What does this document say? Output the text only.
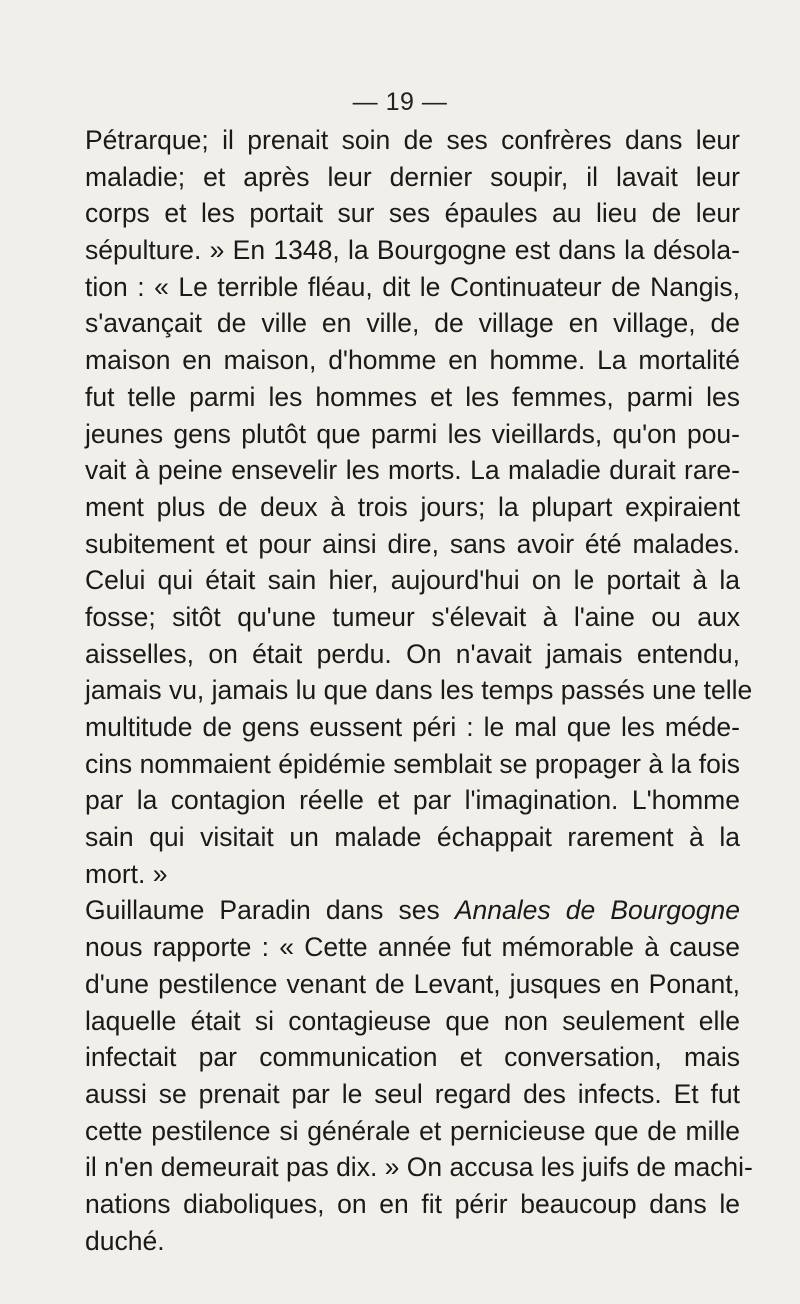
— 19 —
Pétrarque; il prenait soin de ses confrères dans leur
maladie; et après leur dernier soupir, il lavait leur
corps et les portait sur ses épaules au lieu de leur
sépulture. » En 1348, la Bourgogne est dans la désola-
tion : « Le terrible fléau, dit le Continuateur de Nangis,
s'avançait de ville en ville, de village en village, de
maison en maison, d'homme en homme. La mortalité
fut telle parmi les hommes et les femmes, parmi les
jeunes gens plutôt que parmi les vieillards, qu'on pou-
vait à peine ensevelir les morts. La maladie durait rare-
ment plus de deux à trois jours; la plupart expiraient
subitement et pour ainsi dire, sans avoir été malades.
Celui qui était sain hier, aujourd'hui on le portait à la
fosse; sitôt qu'une tumeur s'élevait à l'aine ou aux
aisselles, on était perdu. On n'avait jamais entendu,
jamais vu, jamais lu que dans les temps passés une telle
multitude de gens eussent péri : le mal que les méde-
cins nommaient épidémie semblait se propager à la fois
par la contagion réelle et par l'imagination. L'homme
sain qui visitait un malade échappait rarement à la
mort. »
Guillaume Paradin dans ses Annales de Bourgogne
nous rapporte : « Cette année fut mémorable à cause
d'une pestilence venant de Levant, jusques en Ponant,
laquelle était si contagieuse que non seulement elle
infectait par communication et conversation, mais
aussi se prenait par le seul regard des infects. Et fut
cette pestilence si générale et pernicieuse que de mille
il n'en demeurait pas dix. » On accusa les juifs de machi-
nations diaboliques, on en fit périr beaucoup dans le
duché.
